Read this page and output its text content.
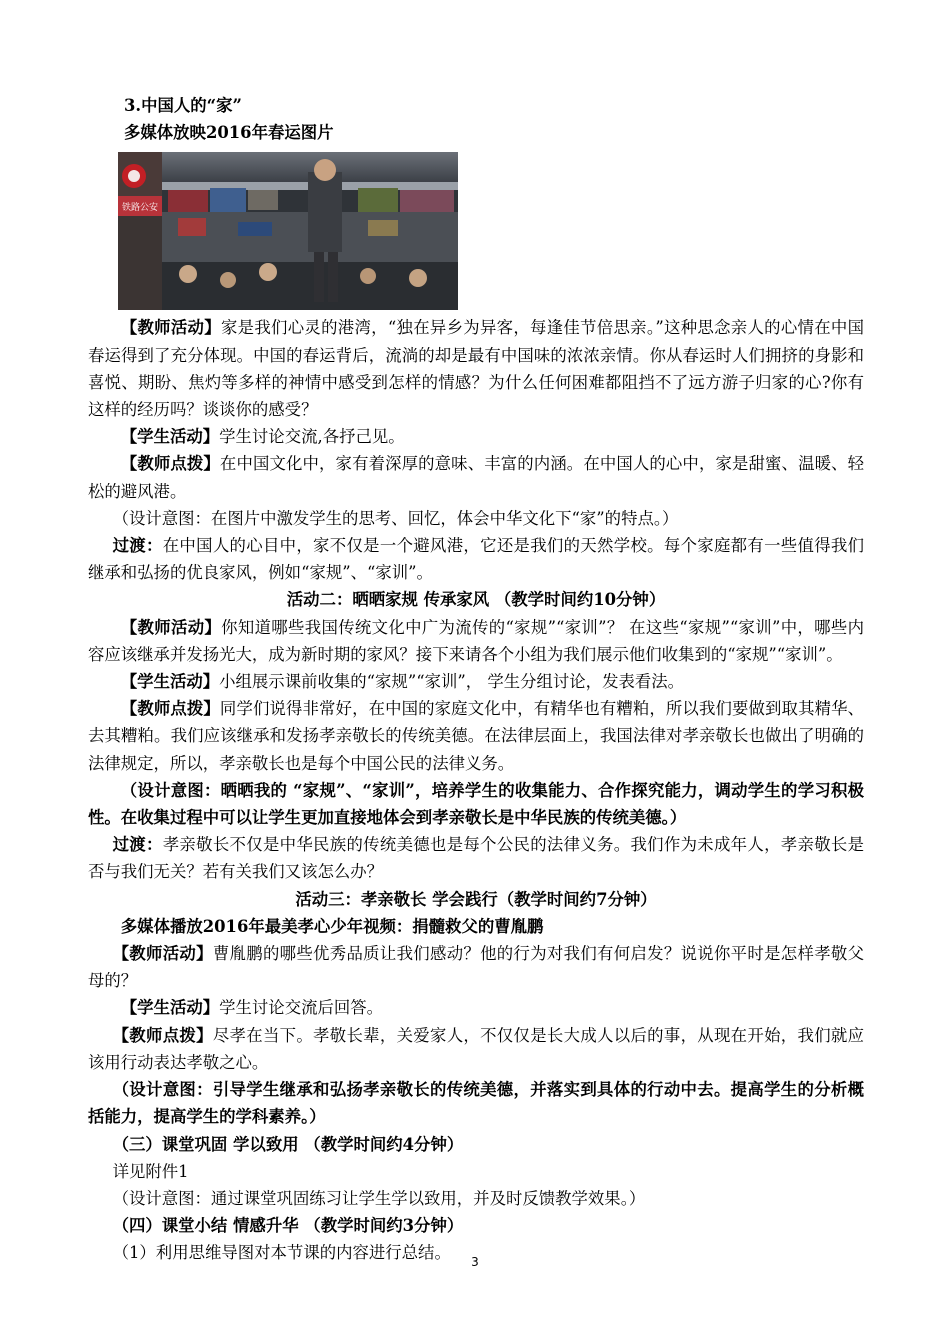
3.中国人的“家”

多媒体放映2016年春运图片

铁路公安

【教师活动】家是我们心灵的港湾，“独在异乡为异客，每逢佳节倍思亲。”这种思念亲人的心情在中国春运得到了充分体现。中国的春运背后，流淌的却是最有中国味的浓浓亲情。你从春运时人们拥挤的身影和喜悦、期盼、焦灼等多样的神情中感受到怎样的情感？为什么任何困难都阻挡不了远方游子归家的心?你有这样的经历吗？谈谈你的感受？

【学生活动】学生讨论交流,各抒己见。

【教师点拨】在中国文化中，家有着深厚的意味、丰富的内涵。在中国人的心中，家是甜蜜、温暖、轻松的避风港。

（设计意图：在图片中激发学生的思考、回忆，体会中华文化下“家”的特点。）

过渡：在中国人的心目中，家不仅是一个避风港，它还是我们的天然学校。每个家庭都有一些值得我们继承和弘扬的优良家风，例如“家规”、“家训”。

活动二：晒晒家规 传承家风 （教学时间约10分钟）

【教师活动】你知道哪些我国传统文化中广为流传的“家规”“家训”？ 在这些“家规”“家训”中，哪些内容应该继承并发扬光大，成为新时期的家风？接下来请各个小组为我们展示他们收集到的“家规”“家训”。

【学生活动】小组展示课前收集的“家规”“家训”， 学生分组讨论，发表看法。

【教师点拨】同学们说得非常好，在中国的家庭文化中，有精华也有糟粕，所以我们要做到取其精华、去其糟粕。我们应该继承和发扬孝亲敬长的传统美德。在法律层面上，我国法律对孝亲敬长也做出了明确的法律规定，所以，孝亲敬长也是每个中国公民的法律义务。

（设计意图：晒晒我的 “家规”、“家训”，培养学生的收集能力、合作探究能力，调动学生的学习积极性。在收集过程中可以让学生更加直接地体会到孝亲敬长是中华民族的传统美德。）

过渡：孝亲敬长不仅是中华民族的传统美德也是每个公民的法律义务。我们作为未成年人，孝亲敬长是否与我们无关？若有关我们又该怎么办？

活动三：孝亲敬长 学会践行（教学时间约7分钟）

多媒体播放2016年最美孝心少年视频：捐髓救父的曹胤鹏

【教师活动】曹胤鹏的哪些优秀品质让我们感动？他的行为对我们有何启发？说说你平时是怎样孝敬父母的？

【学生活动】学生讨论交流后回答。

【教师点拨】尽孝在当下。孝敬长辈，关爱家人，不仅仅是长大成人以后的事，从现在开始，我们就应该用行动表达孝敬之心。

（设计意图：引导学生继承和弘扬孝亲敬长的传统美德，并落实到具体的行动中去。提高学生的分析概括能力，提高学生的学科素养。）

（三）课堂巩固 学以致用 （教学时间约4分钟）

详见附件1

（设计意图：通过课堂巩固练习让学生学以致用，并及时反馈教学效果。）

（四）课堂小结 情感升华 （教学时间约3分钟）

（1）利用思维导图对本节课的内容进行总结。	3
